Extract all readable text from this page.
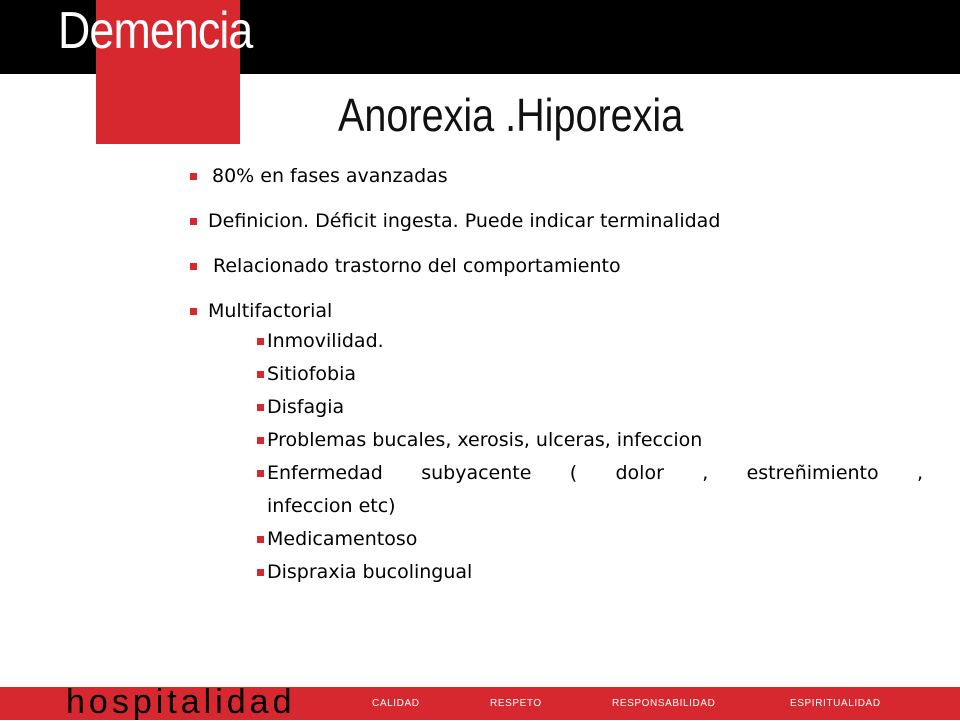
Demencia
Anorexia .Hiporexia
80% en fases avanzadas
Definicion. Déficit ingesta. Puede indicar terminalidad
Relacionado trastorno del comportamiento
Multifactorial
Inmovilidad.
Sitiofobia
Disfagia
Problemas bucales, xerosis, ulceras, infeccion
Enfermedad subyacente ( dolor , estreñimiento ,
infeccion etc)
Medicamentoso
Dispraxia bucolingual
hospitalidad	CALIDAD	RESPETO	RESPONSABILIDAD	ESPIRITUALIDAD
